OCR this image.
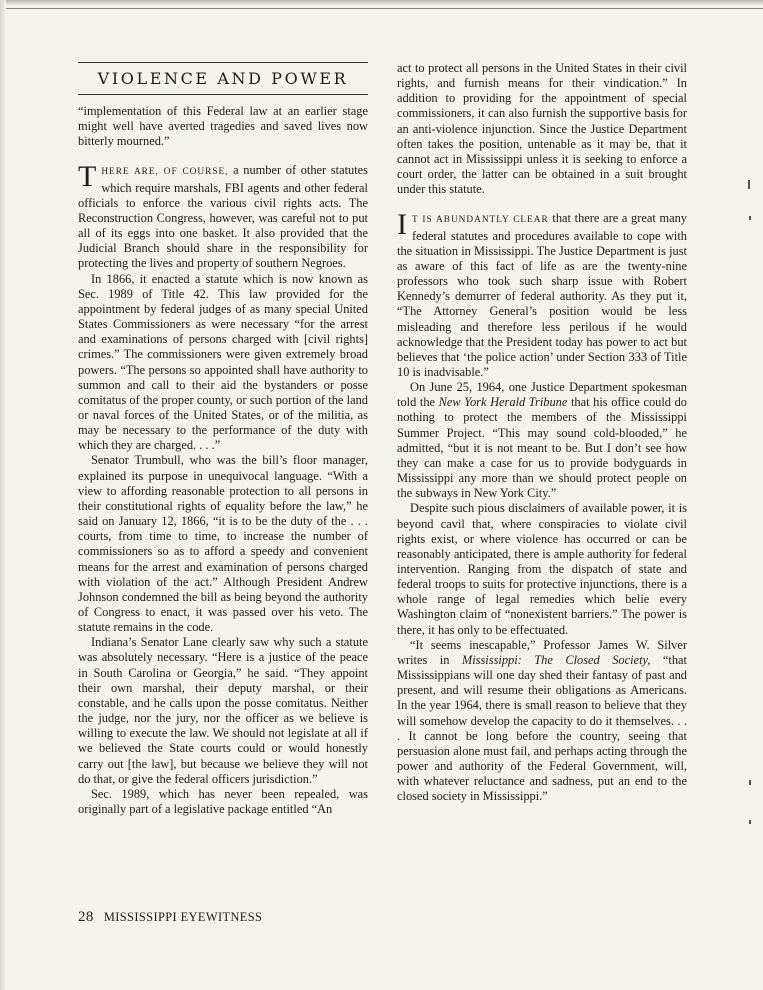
VIOLENCE AND POWER

“implementation of this Federal law at an earlier stage might well have averted tragedies and saved lives now bitterly mourned.”

THERE ARE, OF COURSE, a number of other statutes which require marshals, FBI agents and other federal officials to enforce the various civil rights acts. The Reconstruction Congress, however, was careful not to put all of its eggs into one basket. It also provided that the Judicial Branch should share in the responsibility for protecting the lives and property of southern Negroes.

In 1866, it enacted a statute which is now known as Sec. 1989 of Title 42. This law provided for the appointment by federal judges of as many special United States Commissioners as were necessary “for the arrest and examinations of persons charged with [civil rights] crimes.” The commissioners were given extremely broad powers. “The persons so appointed shall have authority to summon and call to their aid the bystanders or posse comitatus of the proper county, or such portion of the land or naval forces of the United States, or of the militia, as may be necessary to the performance of the duty with which they are charged. . . .”

Senator Trumbull, who was the bill’s floor manager, explained its purpose in unequivocal language. “With a view to affording reasonable protection to all persons in their constitutional rights of equality before the law,” he said on January 12, 1866, “it is to be the duty of the . . . courts, from time to time, to increase the number of commissioners so as to afford a speedy and convenient means for the arrest and examination of persons charged with violation of the act.” Although President Andrew Johnson condemned the bill as being beyond the authority of Congress to enact, it was passed over his veto. The statute remains in the code.

Indiana’s Senator Lane clearly saw why such a statute was absolutely necessary. “Here is a justice of the peace in South Carolina or Georgia,” he said. “They appoint their own marshal, their deputy marshal, or their constable, and he calls upon the posse comitatus. Neither the judge, nor the jury, nor the officer as we believe is willing to execute the law. We should not legislate at all if we believed the State courts could or would honestly carry out [the law], but because we believe they will not do that, or give the federal officers jurisdiction.”

Sec. 1989, which has never been repealed, was originally part of a legislative package entitled “An

act to protect all persons in the United States in their civil rights, and furnish means for their vindication.” In addition to providing for the appointment of special commissioners, it can also furnish the supportive basis for an anti-violence injunction. Since the Justice Department often takes the position, untenable as it may be, that it cannot act in Mississippi unless it is seeking to enforce a court order, the latter can be obtained in a suit brought under this statute.

I T IS ABUNDANTLY CLEAR that there are a great many federal statutes and procedures available to cope with the situation in Mississippi. The Justice Department is just as aware of this fact of life as are the twenty-nine professors who took such sharp issue with Robert Kennedy’s demurrer of federal authority. As they put it, “The Attorney General’s position would be less misleading and therefore less perilous if he would acknowledge that the President today has power to act but believes that ‘the police action’ under Section 333 of Title 10 is inadvisable.”

On June 25, 1964, one Justice Department spokesman told the New York Herald Tribune that his office could do nothing to protect the members of the Mississippi Summer Project. “This may sound cold-blooded,” he admitted, “but it is not meant to be. But I don’t see how they can make a case for us to provide bodyguards in Mississippi any more than we should protect people on the subways in New York City.”

Despite such pious disclaimers of available power, it is beyond cavil that, where conspiracies to violate civil rights exist, or where violence has occurred or can be reasonably anticipated, there is ample authority for federal intervention. Ranging from the dispatch of state and federal troops to suits for protective injunctions, there is a whole range of legal remedies which belie every Washington claim of “nonexistent barriers.” The power is there, it has only to be effectuated.

“It seems inescapable,” Professor James W. Silver writes in Mississippi: The Closed Society, “that Mississippians will one day shed their fantasy of past and present, and will resume their obligations as Americans. In the year 1964, there is small reason to believe that they will somehow develop the capacity to do it themselves. . . . It cannot be long before the country, seeing that persuasion alone must fail, and perhaps acting through the power and authority of the Federal Government, will, with whatever reluctance and sadness, put an end to the closed society in Mississippi.”

28 MISSISSIPPI EYEWITNESS
